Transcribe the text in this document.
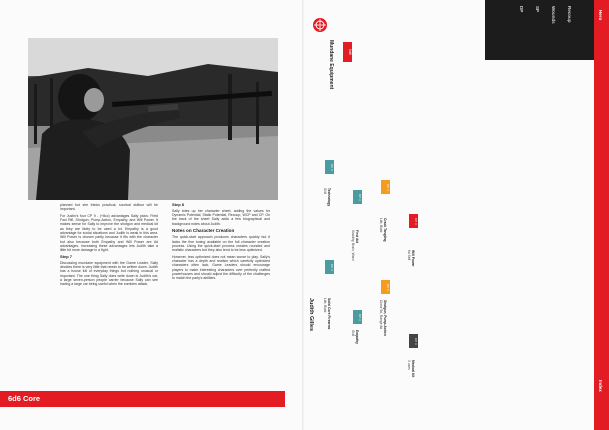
planned but she thinks practical, survival skillsor will be important.

For Justin's four CP 9 - (+8cc) advantages Sally picks: Field Fwd Rifl, Shotgun, Pump-Action, Empathy, and Will Power. It makes sense for Sally to improve the shotgun and medical kit as they are likely to be used a lot. Empathy is a good advantage for social situations and Judith is weak in this area. Will Power is chosen partly because it fits with the character but also because both Empathy and Will Power are 6d advantages. Increasing these advantages lets Judith take a little bit more damage in a fight.

Step 7

Discussing mundane equipment with the Game Leader, Sally decides there is very little that needs to be written down. Judith has a house full of everyday things but nothing unusual or important. The one thing Sally does write down is Judith's car, a large seven-person people carrier because Sally can see having a large car being useful when the zombies attack.

Step 8

Sally totes up her character sheet, adding the values for Dynamic Potential, Static Potential, Recoup, WCP and CP. On the back of the sheet Sally adds a few biographical and background notes about Judith.

Notes on Character Creation

The quick-start approach produces characters quickly but it lacks the fine tuning available on the full character creation process. Using the quick-start process creates rounded and realistic characters but they also tend to be less optimized.

However, less optimized does not mean worse to play. Sally's character has a depth and realism which carefully optimized characters often lack. Game Leaders should encourage players to make interesting characters over perfectly crafted powerhouses and should adjust the difficulty of the challenges to match the party's abilities.

6d6 Core
DP SP Wounds Recoup	Hero
Index
Mundane Equipment	6d6
Judith Gilles	Solid Core Firearms
Life, Blast
CP 3
Technology
Skill
CP 3
First Aid
Stability, Brain, Ward
CP 3
Empathy
Skill
CP 3
Crack Tangling
Life, Blast
CP 3
Shotgun, Pump-Action
Close 5d, Range 8d
CP 6
Will Power
6d Self
CP 3
Medical Kit
3 uses
CP 3
